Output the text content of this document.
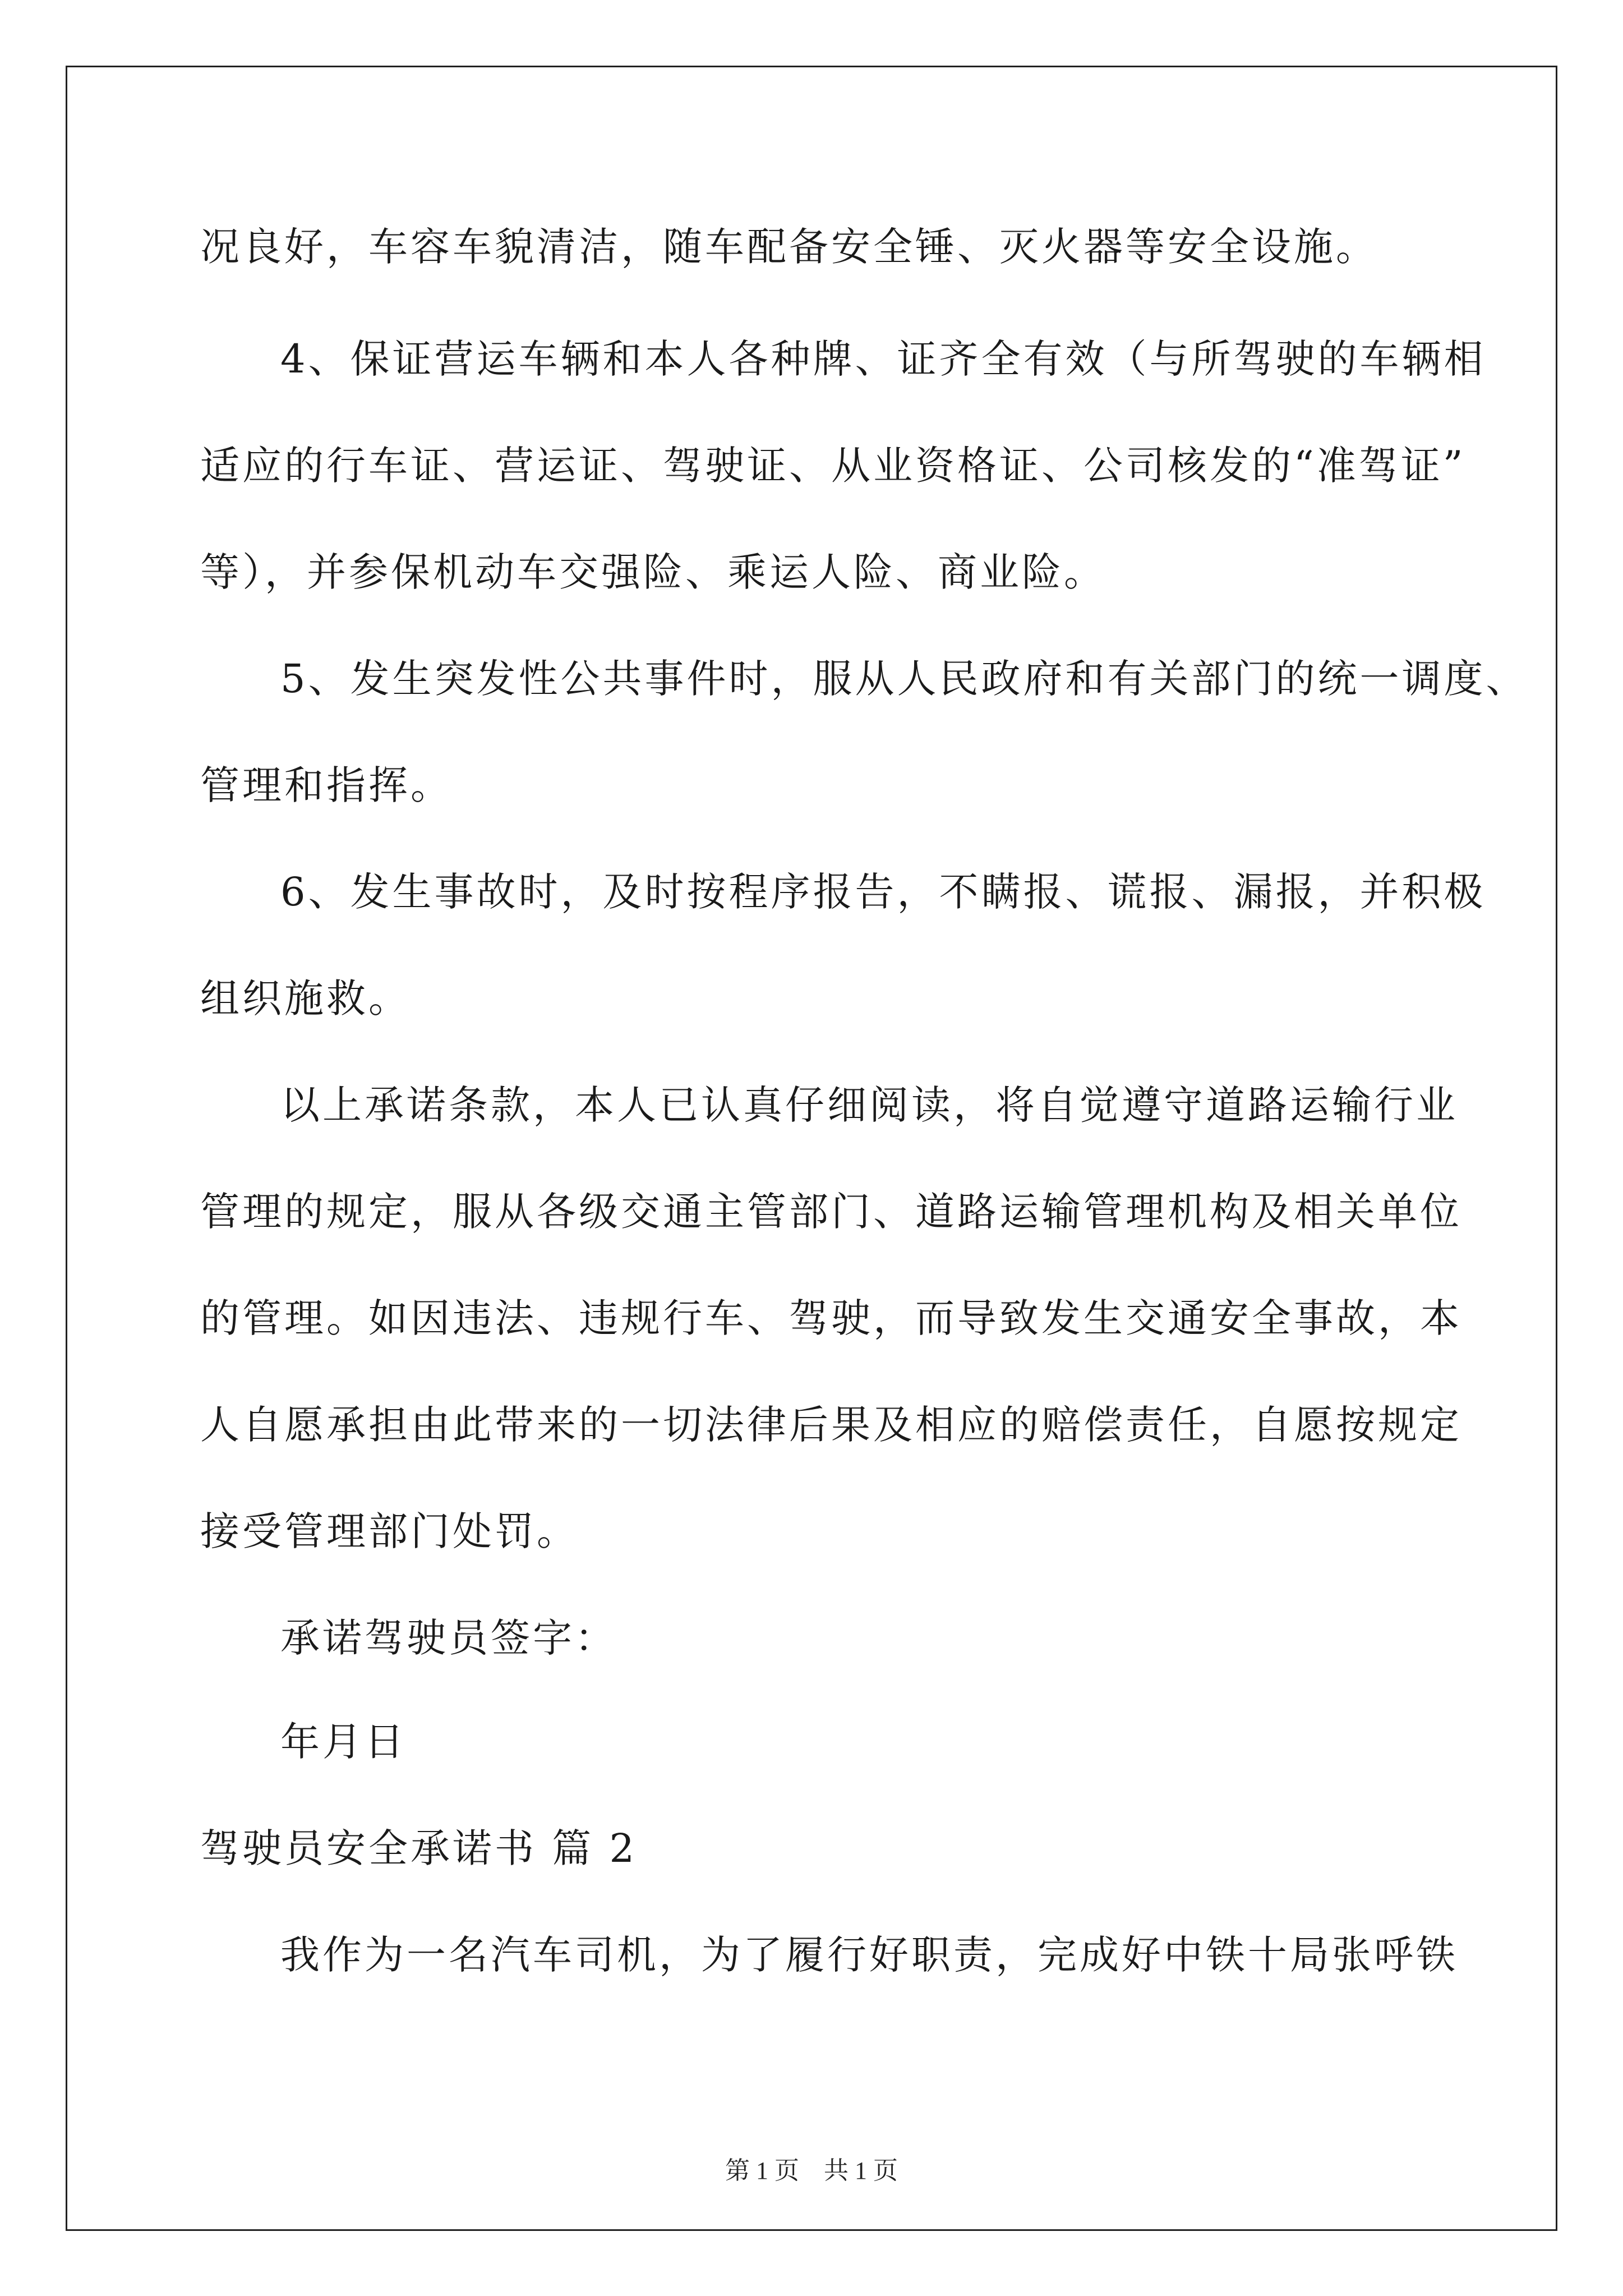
况良好，车容车貌清洁，随车配备安全锤、灭火器等安全设施。
4、保证营运车辆和本人各种牌、证齐全有效（与所驾驶的车辆相
适应的行车证、营运证、驾驶证、从业资格证、公司核发的“准驾证”
等），并参保机动车交强险、乘运人险、商业险。
5、发生突发性公共事件时，服从人民政府和有关部门的统一调度、
管理和指挥。
6、发生事故时，及时按程序报告，不瞒报、谎报、漏报，并积极
组织施救。
以上承诺条款，本人已认真仔细阅读，将自觉遵守道路运输行业
管理的规定，服从各级交通主管部门、道路运输管理机构及相关单位
的管理。如因违法、违规行车、驾驶，而导致发生交通安全事故，本
人自愿承担由此带来的一切法律后果及相应的赔偿责任，自愿按规定
接受管理部门处罚。
承诺驾驶员签字：
年月日
驾驶员安全承诺书 篇 2
我作为一名汽车司机，为了履行好职责，完成好中铁十局张呼铁
第 1 页　共 1 页
